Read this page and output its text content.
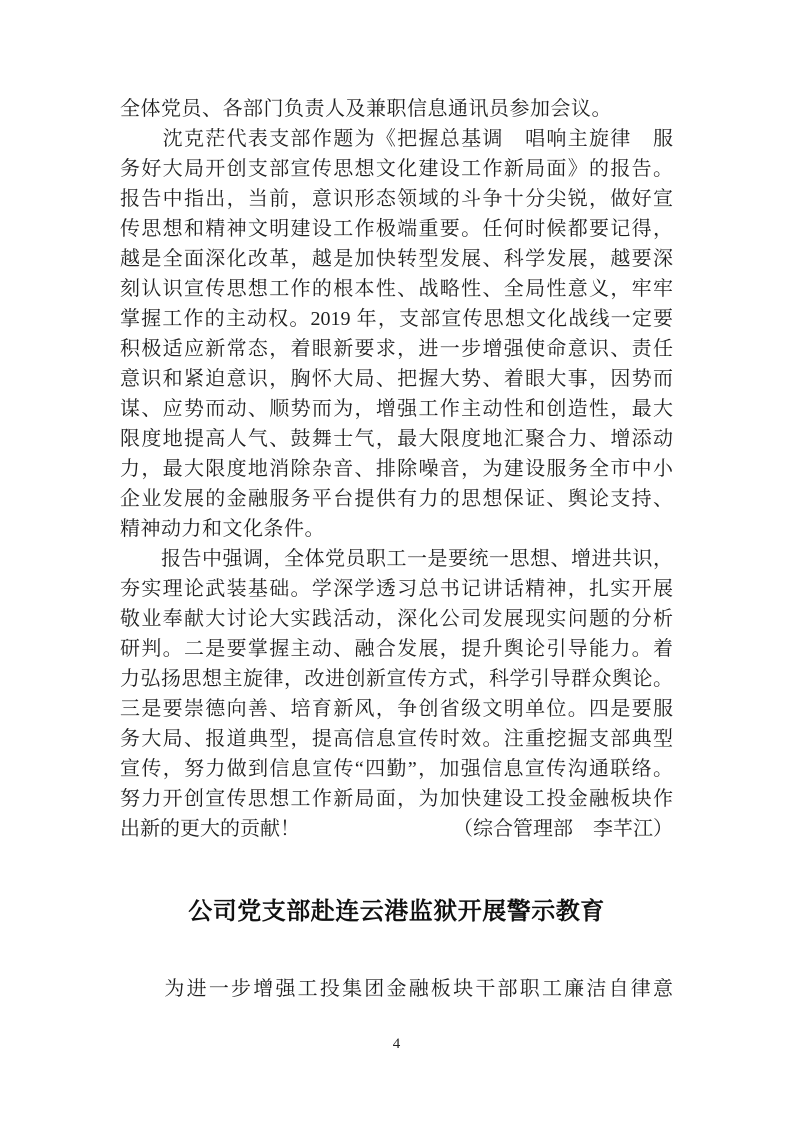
全体党员、各部门负责人及兼职信息通讯员参加会议。
　　沈克茫代表支部作题为《把握总基调　唱响主旋律　服
务好大局开创支部宣传思想文化建设工作新局面》的报告。
报告中指出，当前，意识形态领域的斗争十分尖锐，做好宣
传思想和精神文明建设工作极端重要。任何时候都要记得，
越是全面深化改革，越是加快转型发展、科学发展，越要深
刻认识宣传思想工作的根本性、战略性、全局性意义，牢牢
掌握工作的主动权。2019 年，支部宣传思想文化战线一定要
积极适应新常态，着眼新要求，进一步增强使命意识、责任
意识和紧迫意识，胸怀大局、把握大势、着眼大事，因势而
谋、应势而动、顺势而为，增强工作主动性和创造性，最大
限度地提高人气、鼓舞士气，最大限度地汇聚合力、增添动
力，最大限度地消除杂音、排除噪音，为建设服务全市中小
企业发展的金融服务平台提供有力的思想保证、舆论支持、
精神动力和文化条件。
　　报告中强调，全体党员职工一是要统一思想、增进共识，
夯实理论武装基础。学深学透习总书记讲话精神，扎实开展
敬业奉献大讨论大实践活动，深化公司发展现实问题的分析
研判。二是要掌握主动、融合发展，提升舆论引导能力。着
力弘扬思想主旋律，改进创新宣传方式，科学引导群众舆论。
三是要崇德向善、培育新风，争创省级文明单位。四是要服
务大局、报道典型，提高信息宣传时效。注重挖掘支部典型
宣传，努力做到信息宣传“四勤”，加强信息宣传沟通联络。
努力开创宣传思想工作新局面，为加快建设工投金融板块作
出新的更大的贡献！	（综合管理部　李芊江）
公司党支部赴连云港监狱开展警示教育
　　为进一步增强工投集团金融板块干部职工廉洁自律意
4
